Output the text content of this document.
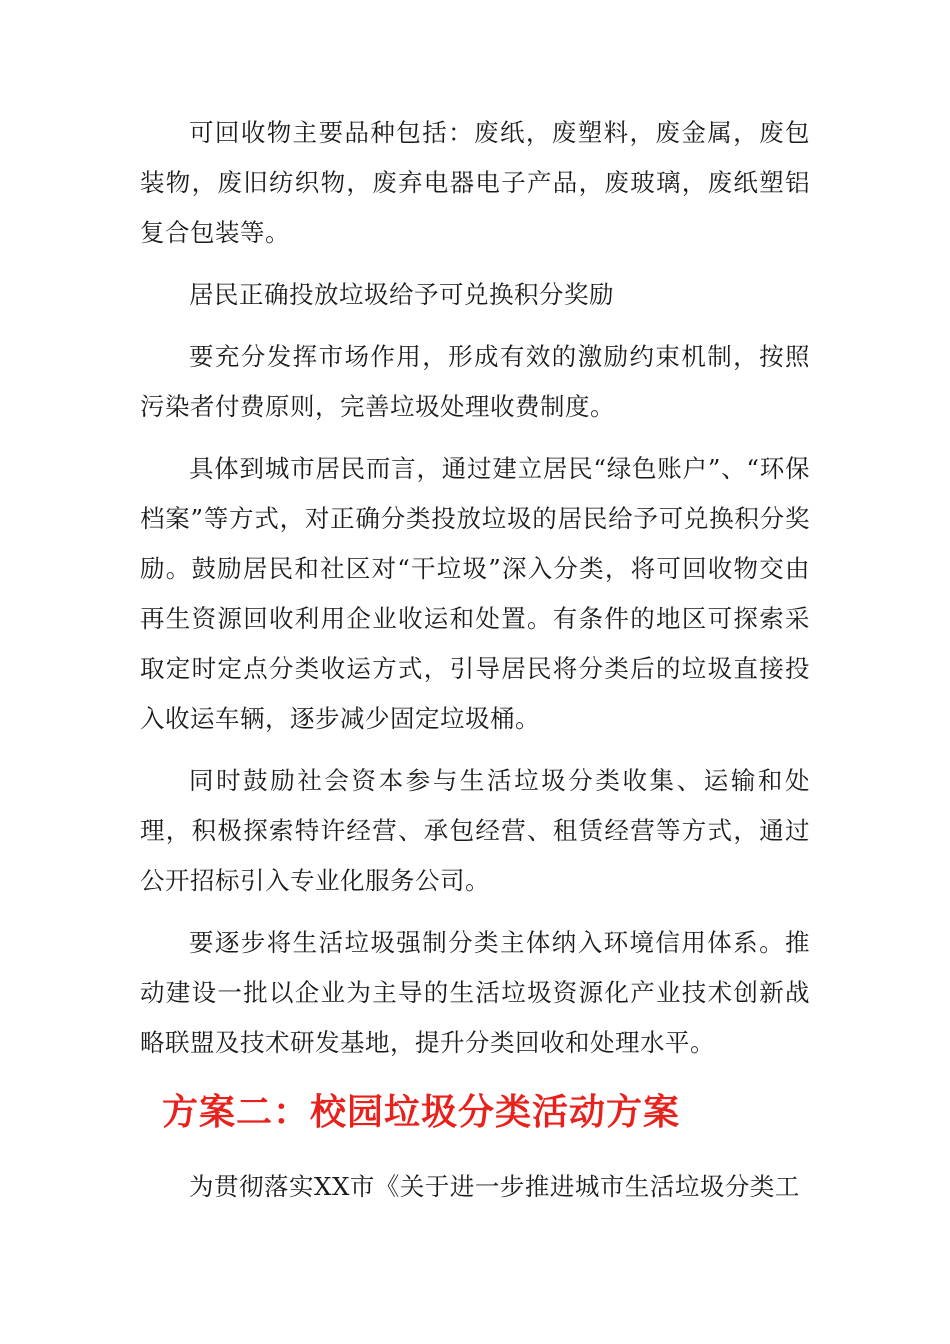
可回收物主要品种包括：废纸，废塑料，废金属，废包装物，废旧纺织物，废弃电器电子产品，废玻璃，废纸塑铝复合包装等。

居民正确投放垃圾给予可兑换积分奖励

要充分发挥市场作用，形成有效的激励约束机制，按照污染者付费原则，完善垃圾处理收费制度。

具体到城市居民而言，通过建立居民“绿色账户”、“环保档案”等方式，对正确分类投放垃圾的居民给予可兑换积分奖励。鼓励居民和社区对“干垃圾”深入分类，将可回收物交由再生资源回收利用企业收运和处置。有条件的地区可探索采取定时定点分类收运方式，引导居民将分类后的垃圾直接投入收运车辆，逐步减少固定垃圾桶。

同时鼓励社会资本参与生活垃圾分类收集、运输和处理，积极探索特许经营、承包经营、租赁经营等方式，通过公开招标引入专业化服务公司。

要逐步将生活垃圾强制分类主体纳入环境信用体系。推动建设一批以企业为主导的生活垃圾资源化产业技术创新战略联盟及技术研发基地，提升分类回收和处理水平。

方案二：校园垃圾分类活动方案

为贯彻落实XX市《关于进一步推进城市生活垃圾分类工
